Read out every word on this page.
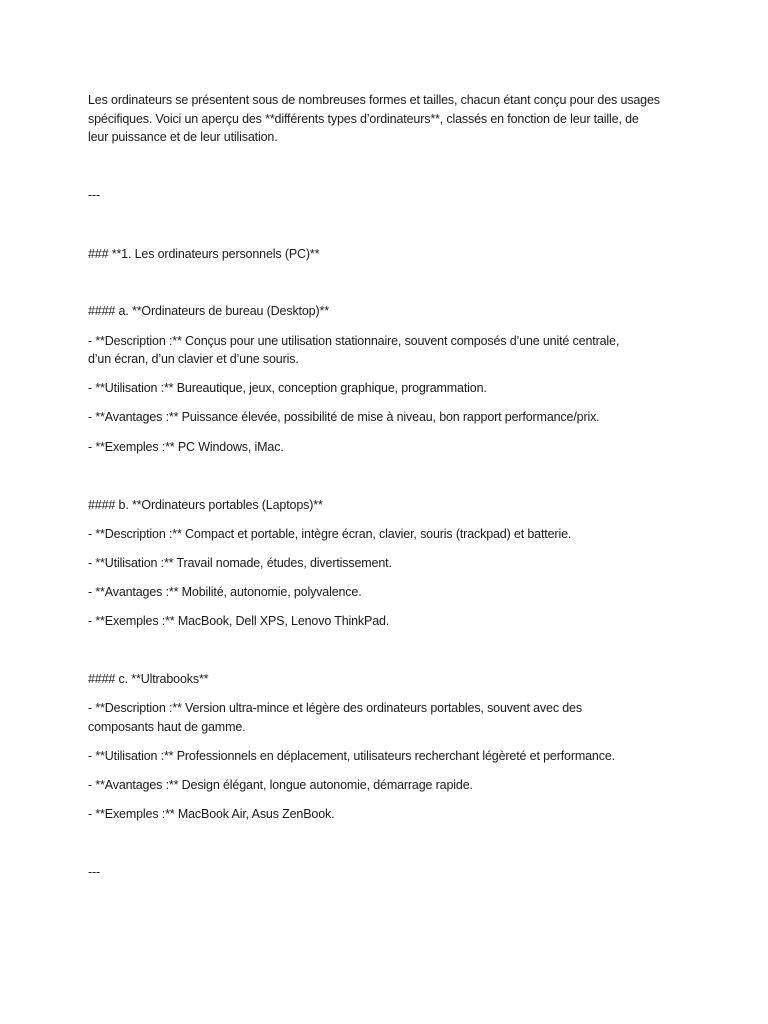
Les ordinateurs se présentent sous de nombreuses formes et tailles, chacun étant conçu pour des usages
spécifiques. Voici un aperçu des **différents types d’ordinateurs**, classés en fonction de leur taille, de
leur puissance et de leur utilisation.
---
### **1. Les ordinateurs personnels (PC)**
#### a. **Ordinateurs de bureau (Desktop)**
- **Description :** Conçus pour une utilisation stationnaire, souvent composés d’une unité centrale,
d’un écran, d’un clavier et d’une souris.
- **Utilisation :** Bureautique, jeux, conception graphique, programmation.
- **Avantages :** Puissance élevée, possibilité de mise à niveau, bon rapport performance/prix.
- **Exemples :** PC Windows, iMac.
#### b. **Ordinateurs portables (Laptops)**
- **Description :** Compact et portable, intègre écran, clavier, souris (trackpad) et batterie.
- **Utilisation :** Travail nomade, études, divertissement.
- **Avantages :** Mobilité, autonomie, polyvalence.
- **Exemples :** MacBook, Dell XPS, Lenovo ThinkPad.
#### c. **Ultrabooks**
- **Description :** Version ultra-mince et légère des ordinateurs portables, souvent avec des
composants haut de gamme.
- **Utilisation :** Professionnels en déplacement, utilisateurs recherchant légèreté et performance.
- **Avantages :** Design élégant, longue autonomie, démarrage rapide.
- **Exemples :** MacBook Air, Asus ZenBook.
---
